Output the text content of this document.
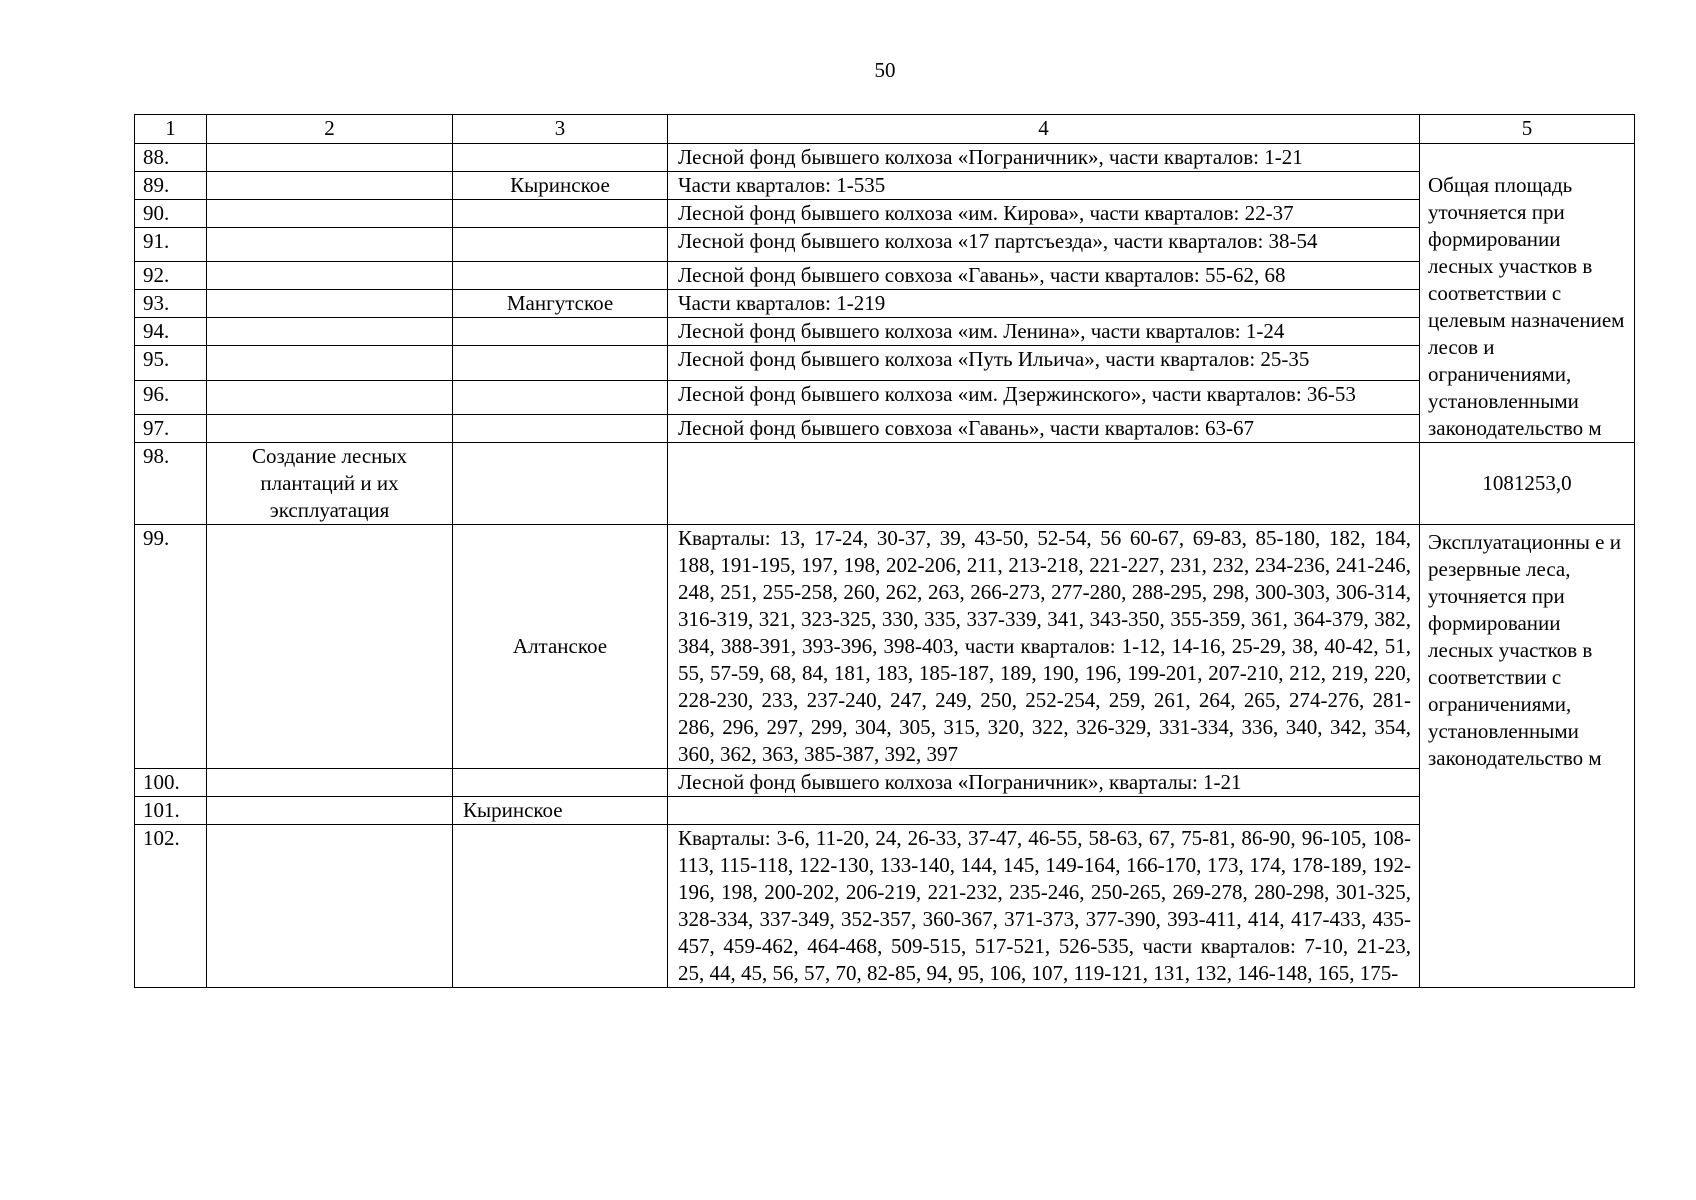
50
1	2	3	4	5
88.			Лесной фонд бывшего колхоза «Пограничник», части кварталов: 1-21	Общая площадь уточняется при формировании лесных участков в соответствии с целевым назначением лесов и ограничениями, установленными законодательство м
89.		Кыринское	Части кварталов: 1-535	
90.			Лесной фонд бывшего колхоза «им. Кирова», части кварталов: 22-37	
91.			Лесной фонд бывшего колхоза «17 партсъезда», части кварталов: 38-54	
92.			Лесной фонд бывшего совхоза «Гавань», части кварталов: 55-62, 68	
93.		Мангутское	Части кварталов: 1-219	
94.			Лесной фонд бывшего колхоза «им. Ленина», части кварталов: 1-24	
95.			Лесной фонд бывшего колхоза «Путь Ильича», части кварталов: 25-35	
96.			Лесной фонд бывшего колхоза «им. Дзержинского», части кварталов: 36-53	
97.			Лесной фонд бывшего совхоза «Гавань», части кварталов: 63-67	
98.	Создание лесных плантаций и их эксплуатация			1081253,0
99.		Алтанское	Кварталы: 13, 17-24, 30-37, 39, 43-50, 52-54, 56 60-67, 69-83, 85-180, 182, 184, 188, 191-195, 197, 198, 202-206, 211, 213-218, 221-227, 231, 232, 234-236, 241-246, 248, 251, 255-258, 260, 262, 263, 266-273, 277-280, 288-295, 298, 300-303, 306-314, 316-319, 321, 323-325, 330, 335, 337-339, 341, 343-350, 355-359, 361, 364-379, 382, 384, 388-391, 393-396, 398-403, части кварталов: 1-12, 14-16, 25-29, 38, 40-42, 51, 55, 57-59, 68, 84, 181, 183, 185-187, 189, 190, 196, 199-201, 207-210, 212, 219, 220, 228-230, 233, 237-240, 247, 249, 250, 252-254, 259, 261, 264, 265, 274-276, 281-286, 296, 297, 299, 304, 305, 315, 320, 322, 326-329, 331-334, 336, 340, 342, 354, 360, 362, 363, 385-387, 392, 397	Эксплуатационны е и резервные леса, уточняется при формировании лесных участков в соответствии с ограничениями, установленными законодательство м
100.			Лесной фонд бывшего колхоза «Пограничник», кварталы: 1-21	
101.		Кыринское		
102.			Кварталы: 3-6, 11-20, 24, 26-33, 37-47, 46-55, 58-63, 67, 75-81, 86-90, 96-105, 108-113, 115-118, 122-130, 133-140, 144, 145, 149-164, 166-170, 173, 174, 178-189, 192-196, 198, 200-202, 206-219, 221-232, 235-246, 250-265, 269-278, 280-298, 301-325, 328-334, 337-349, 352-357, 360-367, 371-373, 377-390, 393-411, 414, 417-433, 435-457, 459-462, 464-468, 509-515, 517-521, 526-535, части кварталов: 7-10, 21-23, 25, 44, 45, 56, 57, 70, 82-85, 94, 95, 106, 107, 119-121, 131, 132, 146-148, 165, 175-	
